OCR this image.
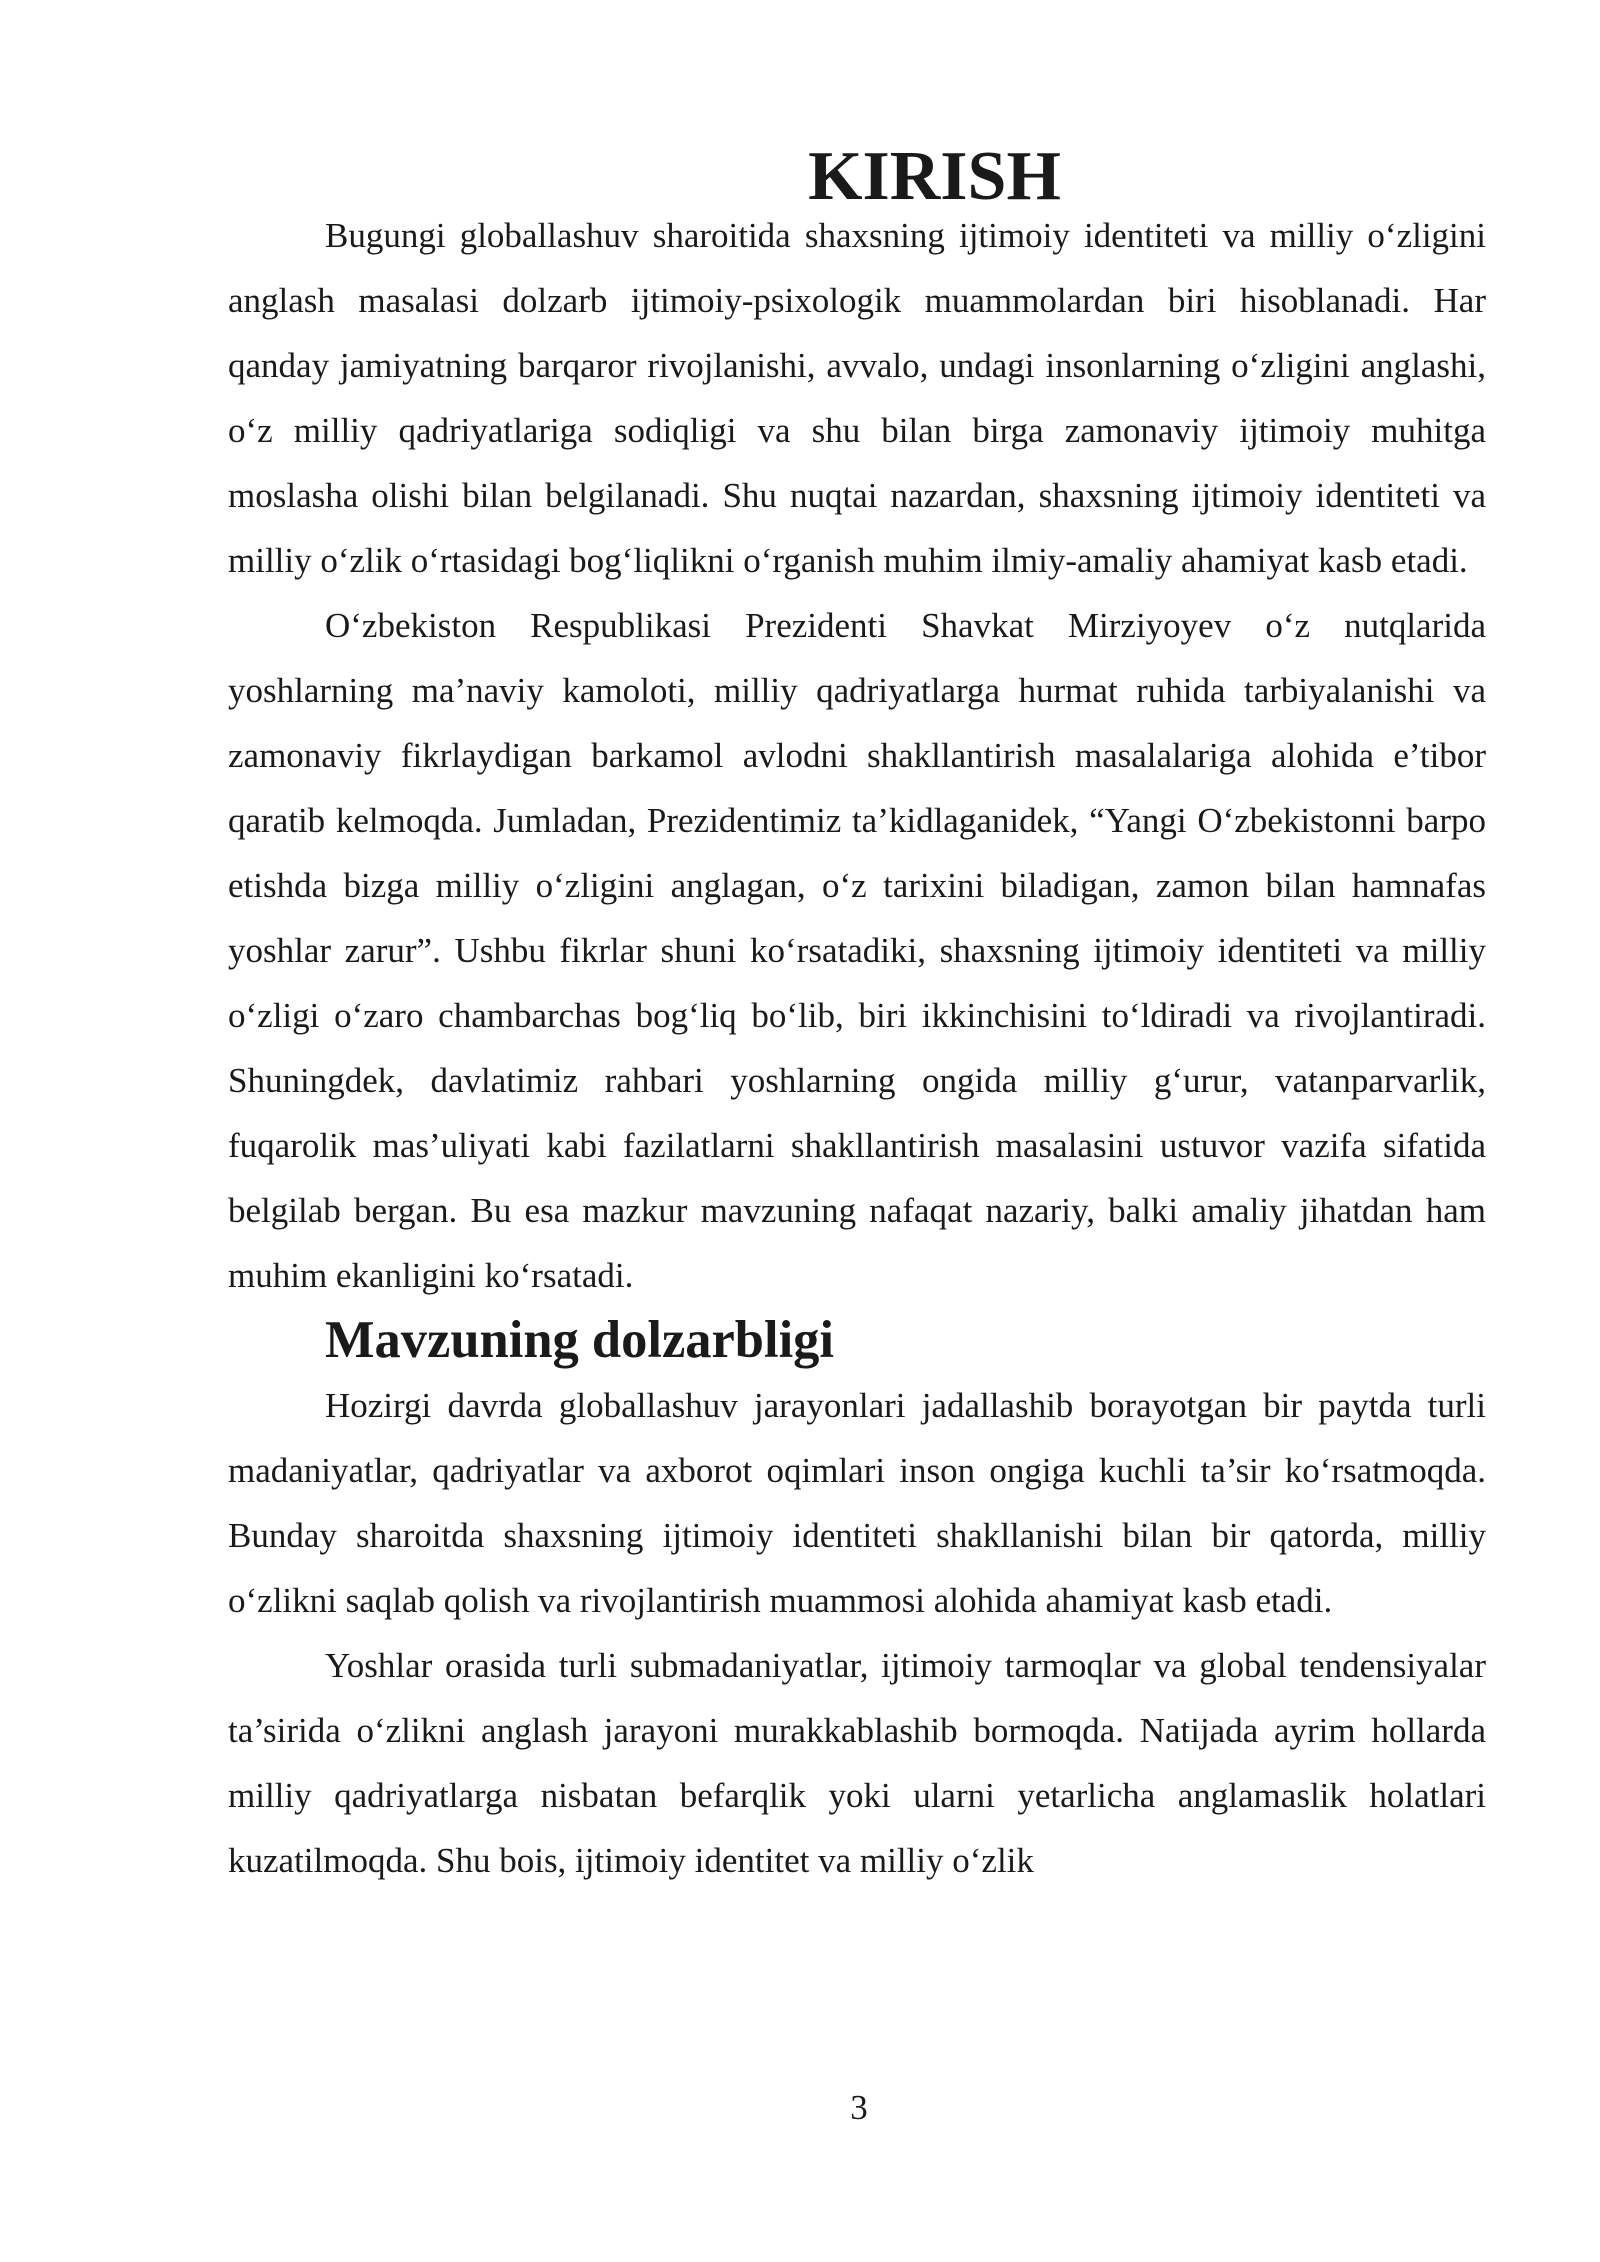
KIRISH

Bugungi globallashuv sharoitida shaxsning ijtimoiy identiteti va milliy o‘zligini anglash masalasi dolzarb ijtimoiy-psixologik muammolardan biri hisoblanadi. Har qanday jamiyatning barqaror rivojlanishi, avvalo, undagi insonlarning o‘zligini anglashi, o‘z milliy qadriyatlariga sodiqligi va shu bilan birga zamonaviy ijtimoiy muhitga moslasha olishi bilan belgilanadi. Shu nuqtai nazardan, shaxsning ijtimoiy identiteti va milliy o‘zlik o‘rtasidagi bog‘liqlikni o‘rganish muhim ilmiy-amaliy ahamiyat kasb etadi.

O‘zbekiston Respublikasi Prezidenti Shavkat Mirziyoyev o‘z nutqlarida yoshlarning ma’naviy kamoloti, milliy qadriyatlarga hurmat ruhida tarbiyalanishi va zamonaviy fikrlaydigan barkamol avlodni shakllantirish masalalariga alohida e’tibor qaratib kelmoqda. Jumladan, Prezidentimiz ta’kidlaganidek, “Yangi O‘zbekistonni barpo etishda bizga milliy o‘zligini anglagan, o‘z tarixini biladigan, zamon bilan hamnafas yoshlar zarur”. Ushbu fikrlar shuni ko‘rsatadiki, shaxsning ijtimoiy identiteti va milliy o‘zligi o‘zaro chambarchas bog‘liq bo‘lib, biri ikkinchisini to‘ldiradi va rivojlantiradi. Shuningdek, davlatimiz rahbari yoshlarning ongida milliy g‘urur, vatanparvarlik, fuqarolik mas’uliyati kabi fazilatlarni shakllantirish masalasini ustuvor vazifa sifatida belgilab bergan. Bu esa mazkur mavzuning nafaqat nazariy, balki amaliy jihatdan ham muhim ekanligini ko‘rsatadi.

Mavzuning dolzarbligi

Hozirgi davrda globallashuv jarayonlari jadallashib borayotgan bir paytda turli madaniyatlar, qadriyatlar va axborot oqimlari inson ongiga kuchli ta’sir ko‘rsatmoqda. Bunday sharoitda shaxsning ijtimoiy identiteti shakllanishi bilan bir qatorda, milliy o‘zlikni saqlab qolish va rivojlantirish muammosi alohida ahamiyat kasb etadi.

Yoshlar orasida turli submadaniyatlar, ijtimoiy tarmoqlar va global tendensiyalar ta’sirida o‘zlikni anglash jarayoni murakkablashib bormoqda. Natijada ayrim hollarda milliy qadriyatlarga nisbatan befarqlik yoki ularni yetarlicha anglamaslik holatlari kuzatilmoqda. Shu bois, ijtimoiy identitet va milliy o‘zlik

3
